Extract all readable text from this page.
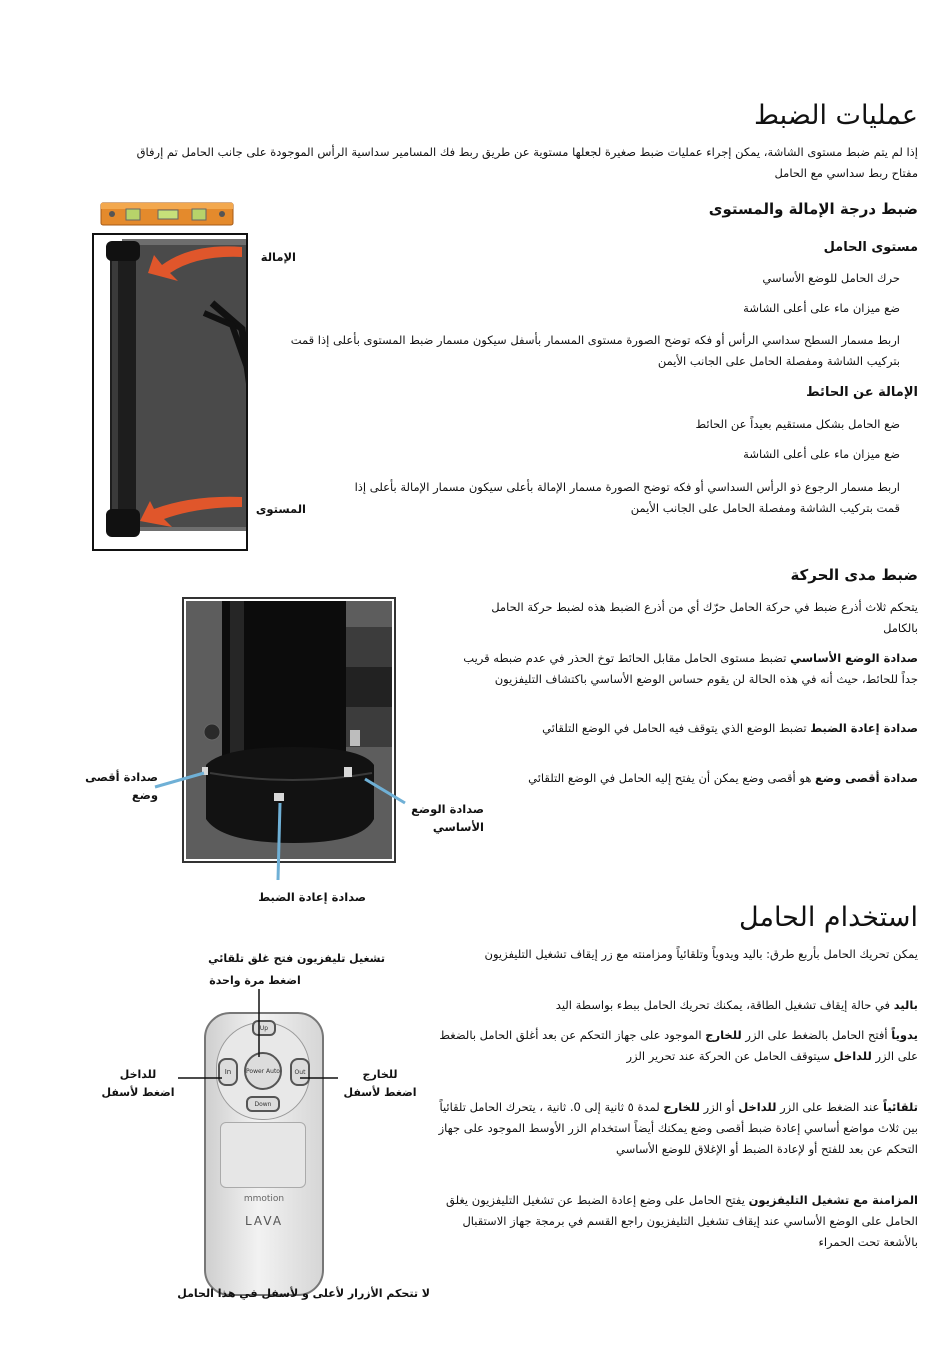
عمليات الضبط

إذا لم يتم ضبط مستوى الشاشة، يمكن إجراء عمليات ضبط صغيرة لجعلها مستوية عن طريق ربط فك المسامير سداسية الرأس الموجودة على جانب الحامل تم إرفاق مفتاح ربط سداسي مع الحامل

ضبط درجة الإمالة والمستوى
الإمالة
المستوى
مستوى الحامل

حرك الحامل للوضع الأساسي

ضع ميزان ماء على أعلى الشاشة

اربط مسمار السطح سداسي الرأس أو فكه توضح الصورة مستوى المسمار بأسفل سيكون مسمار ضبط المستوى بأعلى إذا قمت بتركيب الشاشة ومفصلة الحامل على الجانب الأيمن

الإمالة عن الحائط

ضع الحامل بشكل مستقيم بعيداً عن الحائط

ضع ميزان ماء على أعلى الشاشة

اربط مسمار الرجوع ذو الرأس السداسي أو فكه توضح الصورة مسمار الإمالة بأعلى سيكون مسمار الإمالة بأعلى إذا قمت بتركيب الشاشة ومفصلة الحامل على الجانب الأيمن

ضبط مدى الحركة
صدادة أقصى وضع
صدادة الوضع الأساسي
صدادة إعادة الضبط

يتحكم ثلاث أذرع ضبط في حركة الحامل حرّك أي من أذرع الضبط هذه لضبط حركة الحامل بالكامل

صدادة الوضع الأساسي تضبط مستوى الحامل مقابل الحائط توخ الحذر في عدم ضبطه قريب جداً للحائط، حيث أنه في هذه الحالة لن يقوم حساس الوضع الأساسي باكتشاف التليفزيون

صدادة إعادة الضبط تضبط الوضع الذي يتوقف فيه الحامل في الوضع التلقائي

صدادة أقصى وضع هو أقصى وضع يمكن أن يفتح إليه الحامل في الوضع التلقائي

استخدام الحامل

يمكن تحريك الحامل بأربع طرق: باليد ويدوياً وتلقائياً ومزامنته مع زر إيقاف تشغيل التليفزيون

باليد في حالة إيقاف تشغيل الطاقة، يمكنك تحريك الحامل ببطء بواسطة اليد

يدوياً أفتح الحامل بالضغط على الزر للخارج الموجود على جهاز التحكم عن بعد أغلق الحامل بالضغط على الزر للداخل سيتوقف الحامل عن الحركة عند تحرير الزر

تلقائياً عند الضغط على الزر للداخل أو الزر للخارج لمدة ٥ ثانية إلى 0. ثانية ، يتحرك الحامل تلقائياً بين ثلاث مواضع أساسي إعادة ضبط أقصى وضع يمكنك أيضاً استخدام الزر الأوسط الموجود على جهاز التحكم عن بعد للفتح أو لإعادة الضبط أو الإغلاق للوضع الأساسي

المزامنة مع تشغيل التليفزيون يفتح الحامل على وضع إعادة الضبط عن تشغيل التليفزيون يغلق الحامل على الوضع الأساسي عند إيقاف تشغيل التليفزيون راجع القسم في برمجة جهاز الاستقبال بالأشعة تحت الحمراء

تشغيل تليفزيون فتح غلق تلقائي
اضغط مرة واحدة
للداخل
اضغط لأسفل
للخارج
اضغط لأسفل
Up
In	Power Auto	Out
Down
mmotion
LAVA
لا تتحكم الأزرار لأعلى و لأسفل في هذا الحامل
